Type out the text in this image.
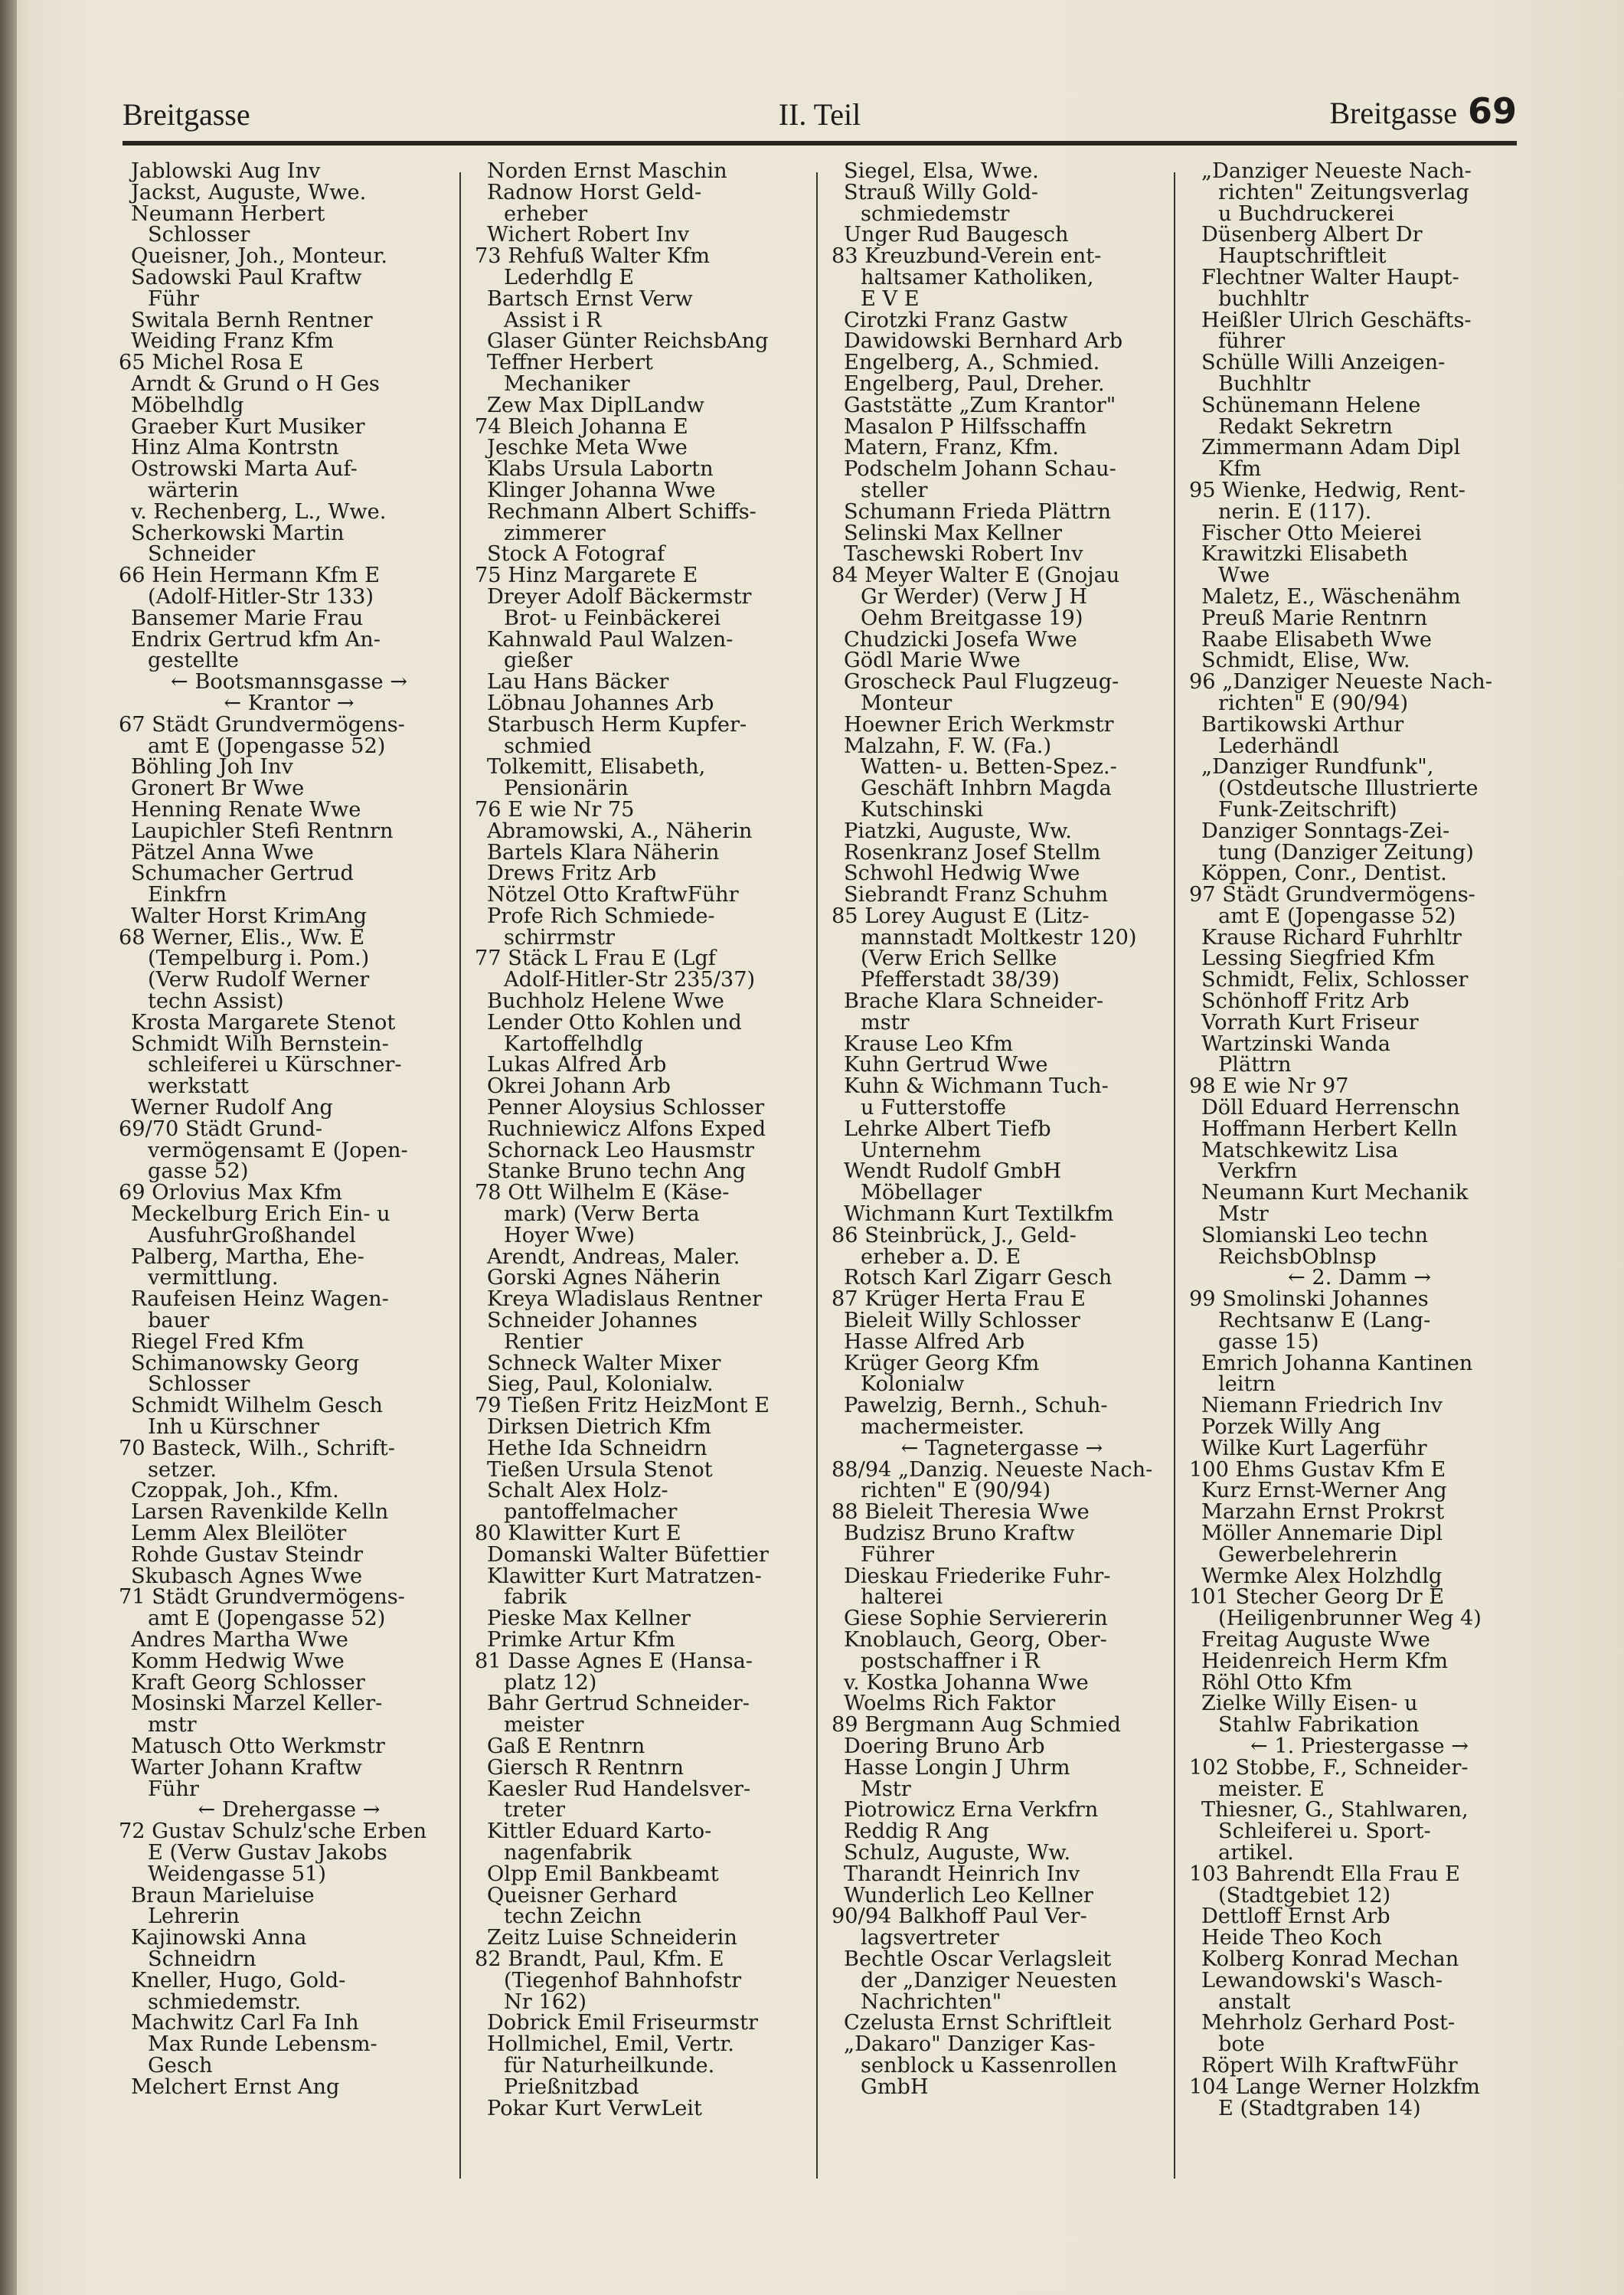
Breitgasse	II. Teil	Breitgasse 69
Jablowski Aug Inv
Jackst, Auguste, Wwe.
Neumann Herbert
Schlosser
Queisner, Joh., Monteur.
Sadowski Paul Kraftw
Führ
Switala Bernh Rentner
Weiding Franz Kfm
65 Michel Rosa E
Arndt & Grund o H Ges
Möbelhdlg
Graeber Kurt Musiker
Hinz Alma Kontrstn
Ostrowski Marta Auf-
wärterin
v. Rechenberg, L., Wwe.
Scherkowski Martin
Schneider
66 Hein Hermann Kfm E
(Adolf-Hitler-Str 133)
Bansemer Marie Frau
Endrix Gertrud kfm An-
gestellte
← Bootsmannsgasse →
← Krantor →
67 Städt Grundvermögens-
amt E (Jopengasse 52)
Böhling Joh Inv
Gronert Br Wwe
Henning Renate Wwe
Laupichler Stefi Rentnrn
Pätzel Anna Wwe
Schumacher Gertrud
Einkfrn
Walter Horst KrimAng
68 Werner, Elis., Ww. E
(Tempelburg i. Pom.)
(Verw Rudolf Werner
techn Assist)
Krosta Margarete Stenot
Schmidt Wilh Bernstein-
schleiferei u Kürschner-
werkstatt
Werner Rudolf Ang
69/70 Städt Grund-
vermögensamt E (Jopen-
gasse 52)
69 Orlovius Max Kfm
Meckelburg Erich Ein- u
AusfuhrGroßhandel
Palberg, Martha, Ehe-
vermittlung.
Raufeisen Heinz Wagen-
bauer
Riegel Fred Kfm
Schimanowsky Georg
Schlosser
Schmidt Wilhelm Gesch
Inh u Kürschner
70 Basteck, Wilh., Schrift-
setzer.
Czoppak, Joh., Kfm.
Larsen Ravenkilde Kelln
Lemm Alex Bleilöter
Rohde Gustav Steindr
Skubasch Agnes Wwe
71 Städt Grundvermögens-
amt E (Jopengasse 52)
Andres Martha Wwe
Komm Hedwig Wwe
Kraft Georg Schlosser
Mosinski Marzel Keller-
mstr
Matusch Otto Werkmstr
Warter Johann Kraftw
Führ
← Drehergasse →
72 Gustav Schulz'sche Erben
E (Verw Gustav Jakobs
Weidengasse 51)
Braun Marieluise
Lehrerin
Kajinowski Anna
Schneidrn
Kneller, Hugo, Gold-
schmiedemstr.
Machwitz Carl Fa Inh
Max Runde Lebensm-
Gesch
Melchert Ernst Ang
Norden Ernst Maschin
Radnow Horst Geld-
erheber
Wichert Robert Inv
73 Rehfuß Walter Kfm
Lederhdlg E
Bartsch Ernst Verw
Assist i R
Glaser Günter ReichsbAng
Teffner Herbert
Mechaniker
Zew Max DiplLandw
74 Bleich Johanna E
Jeschke Meta Wwe
Klabs Ursula Labortn
Klinger Johanna Wwe
Rechmann Albert Schiffs-
zimmerer
Stock A Fotograf
75 Hinz Margarete E
Dreyer Adolf Bäckermstr
Brot- u Feinbäckerei
Kahnwald Paul Walzen-
gießer
Lau Hans Bäcker
Löbnau Johannes Arb
Starbusch Herm Kupfer-
schmied
Tolkemitt, Elisabeth,
Pensionärin
76 E wie Nr 75
Abramowski, A., Näherin
Bartels Klara Näherin
Drews Fritz Arb
Nötzel Otto KraftwFühr
Profe Rich Schmiede-
schirrmstr
77 Stäck L Frau E (Lgf
Adolf-Hitler-Str 235/37)
Buchholz Helene Wwe
Lender Otto Kohlen und
Kartoffelhdlg
Lukas Alfred Arb
Okrei Johann Arb
Penner Aloysius Schlosser
Ruchniewicz Alfons Exped
Schornack Leo Hausmstr
Stanke Bruno techn Ang
78 Ott Wilhelm E (Käse-
mark) (Verw Berta
Hoyer Wwe)
Arendt, Andreas, Maler.
Gorski Agnes Näherin
Kreya Wladislaus Rentner
Schneider Johannes
Rentier
Schneck Walter Mixer
Sieg, Paul, Kolonialw.
79 Tießen Fritz HeizMont E
Dirksen Dietrich Kfm
Hethe Ida Schneidrn
Tießen Ursula Stenot
Schalt Alex Holz-
pantoffelmacher
80 Klawitter Kurt E
Domanski Walter Büfettier
Klawitter Kurt Matratzen-
fabrik
Pieske Max Kellner
Primke Artur Kfm
81 Dasse Agnes E (Hansa-
platz 12)
Bahr Gertrud Schneider-
meister
Gaß E Rentnrn
Giersch R Rentnrn
Kaesler Rud Handelsver-
treter
Kittler Eduard Karto-
nagenfabrik
Olpp Emil Bankbeamt
Queisner Gerhard
techn Zeichn
Zeitz Luise Schneiderin
82 Brandt, Paul, Kfm. E
(Tiegenhof Bahnhofstr
Nr 162)
Dobrick Emil Friseurmstr
Hollmichel, Emil, Vertr.
für Naturheilkunde.
Prießnitzbad
Pokar Kurt VerwLeit
Siegel, Elsa, Wwe.
Strauß Willy Gold-
schmiedemstr
Unger Rud Baugesch
83 Kreuzbund-Verein ent-
haltsamer Katholiken,
E V E
Cirotzki Franz Gastw
Dawidowski Bernhard Arb
Engelberg, A., Schmied.
Engelberg, Paul, Dreher.
Gaststätte „Zum Krantor"
Masalon P Hilfsschaffn
Matern, Franz, Kfm.
Podschelm Johann Schau-
steller
Schumann Frieda Plättrn
Selinski Max Kellner
Taschewski Robert Inv
84 Meyer Walter E (Gnojau
Gr Werder) (Verw J H
Oehm Breitgasse 19)
Chudzicki Josefa Wwe
Gödl Marie Wwe
Groscheck Paul Flugzeug-
Monteur
Hoewner Erich Werkmstr
Malzahn, F. W. (Fa.)
Watten- u. Betten-Spez.-
Geschäft Inhbrn Magda
Kutschinski
Piatzki, Auguste, Ww.
Rosenkranz Josef Stellm
Schwohl Hedwig Wwe
Siebrandt Franz Schuhm
85 Lorey August E (Litz-
mannstadt Moltkestr 120)
(Verw Erich Sellke
Pfefferstadt 38/39)
Brache Klara Schneider-
mstr
Krause Leo Kfm
Kuhn Gertrud Wwe
Kuhn & Wichmann Tuch-
u Futterstoffe
Lehrke Albert Tiefb
Unternehm
Wendt Rudolf GmbH
Möbellager
Wichmann Kurt Textilkfm
86 Steinbrück, J., Geld-
erheber a. D. E
Rotsch Karl Zigarr Gesch
87 Krüger Herta Frau E
Bieleit Willy Schlosser
Hasse Alfred Arb
Krüger Georg Kfm
Kolonialw
Pawelzig, Bernh., Schuh-
machermeister.
← Tagnetergasse →
88/94 „Danzig. Neueste Nach-
richten" E (90/94)
88 Bieleit Theresia Wwe
Budzisz Bruno Kraftw
Führer
Dieskau Friederike Fuhr-
halterei
Giese Sophie Serviererin
Knoblauch, Georg, Ober-
postschaffner i R
v. Kostka Johanna Wwe
Woelms Rich Faktor
89 Bergmann Aug Schmied
Doering Bruno Arb
Hasse Longin J Uhrm
Mstr
Piotrowicz Erna Verkfrn
Reddig R Ang
Schulz, Auguste, Ww.
Tharandt Heinrich Inv
Wunderlich Leo Kellner
90/94 Balkhoff Paul Ver-
lagsvertreter
Bechtle Oscar Verlagsleit
der „Danziger Neuesten
Nachrichten"
Czelusta Ernst Schriftleit
„Dakaro" Danziger Kas-
senblock u Kassenrollen
GmbH
„Danziger Neueste Nach-
richten" Zeitungsverlag
u Buchdruckerei
Düsenberg Albert Dr
Hauptschriftleit
Flechtner Walter Haupt-
buchhltr
Heißler Ulrich Geschäfts-
führer
Schülle Willi Anzeigen-
Buchhltr
Schünemann Helene
Redakt Sekretrn
Zimmermann Adam Dipl
Kfm
95 Wienke, Hedwig, Rent-
nerin. E (117).
Fischer Otto Meierei
Krawitzki Elisabeth
Wwe
Maletz, E., Wäschenähm
Preuß Marie Rentnrn
Raabe Elisabeth Wwe
Schmidt, Elise, Ww.
96 „Danziger Neueste Nach-
richten" E (90/94)
Bartikowski Arthur
Lederhändl
„Danziger Rundfunk",
(Ostdeutsche Illustrierte
Funk-Zeitschrift)
Danziger Sonntags-Zei-
tung (Danziger Zeitung)
Köppen, Conr., Dentist.
97 Städt Grundvermögens-
amt E (Jopengasse 52)
Krause Richard Fuhrhltr
Lessing Siegfried Kfm
Schmidt, Felix, Schlosser
Schönhoff Fritz Arb
Vorrath Kurt Friseur
Wartzinski Wanda
Plättrn
98 E wie Nr 97
Döll Eduard Herrenschn
Hoffmann Herbert Kelln
Matschkewitz Lisa
Verkfrn
Neumann Kurt Mechanik
Mstr
Slomianski Leo techn
ReichsbOblnsp
← 2. Damm →
99 Smolinski Johannes
Rechtsanw E (Lang-
gasse 15)
Emrich Johanna Kantinen
leitrn
Niemann Friedrich Inv
Porzek Willy Ang
Wilke Kurt Lagerführ
100 Ehms Gustav Kfm E
Kurz Ernst-Werner Ang
Marzahn Ernst Prokrst
Möller Annemarie Dipl
Gewerbelehrerin
Wermke Alex Holzhdlg
101 Stecher Georg Dr E
(Heiligenbrunner Weg 4)
Freitag Auguste Wwe
Heidenreich Herm Kfm
Röhl Otto Kfm
Zielke Willy Eisen- u
Stahlw Fabrikation
← 1. Priestergasse →
102 Stobbe, F., Schneider-
meister. E
Thiesner, G., Stahlwaren,
Schleiferei u. Sport-
artikel.
103 Bahrendt Ella Frau E
(Stadtgebiet 12)
Dettloff Ernst Arb
Heide Theo Koch
Kolberg Konrad Mechan
Lewandowski's Wasch-
anstalt
Mehrholz Gerhard Post-
bote
Röpert Wilh KraftwFühr
104 Lange Werner Holzkfm
E (Stadtgraben 14)
